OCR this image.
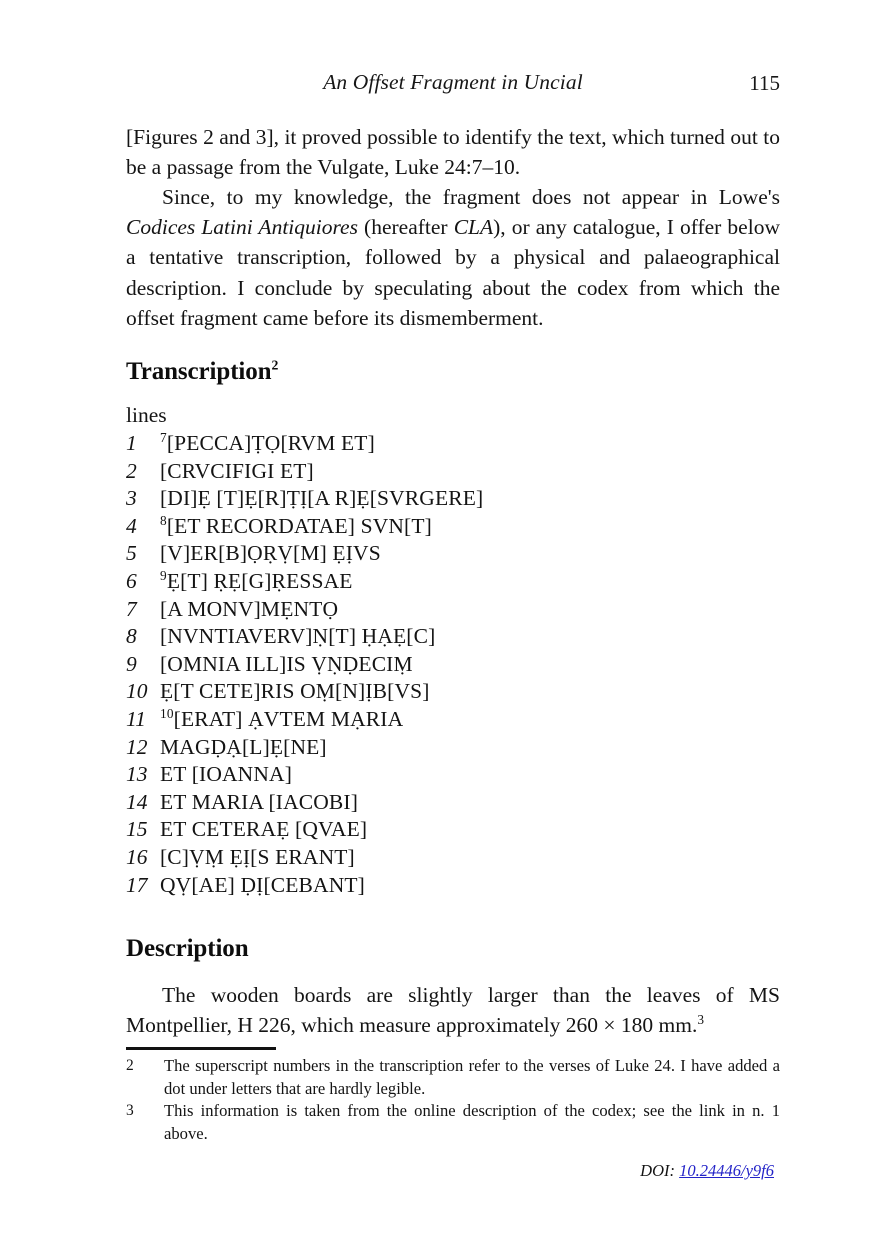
An Offset Fragment in Uncial	115

[Figures 2 and 3], it proved possible to identify the text, which turned out to be a passage from the Vulgate, Luke 24:7–10.

Since, to my knowledge, the fragment does not appear in Lowe's Codices Latini Antiquiores (hereafter CLA), or any catalogue, I offer below a tentative transcription, followed by a physical and palaeographical description. I conclude by speculating about the codex from which the offset fragment came before its dismemberment.

Transcription$^2$
lines
1	$^7$[PECCA]ṬỌ[RVM ET]
2	[CRVCIFIGI ET]
3	[DI]Ẹ [T]Ẹ[R]ṬỊ[A R]Ẹ[SVRGERE]
4	$^8$[ET RECORDATAE] SVN[T]
5	[V]ER[B]ỌṚṾ[M] ẸỊVS
6	$^9$Ẹ[T] ṚẸ[G]ṚESSAE
7	[A MONV]MẸNTỌ
8	[NVNTIAVERV]Ṇ[T] ḤẠẸ[C]
9	[OMNIA ILL]IS ṾṆḌECIṂ
10	Ẹ[T CETE]RIS OṂ[N]ỊB[VS]
11	$^{10}$[ERAT] ẠVTEM MẠRIA
12	MAGḌẠ[L]Ẹ[NE]
13	ET [IOANNA]
14	ET MARIA [IACOBI]
15	ET CETERAẸ [QVAE]
16	[C]ṾṂ ẸỊ[S ERANT]
17	QṾ[AE] ḌỊ[CEBANT]
Description

The wooden boards are slightly larger than the leaves of MS Montpellier, H 226, which measure approximately 260 × 180 mm.$^3$

2	The superscript numbers in the transcription refer to the verses of Luke 24. I have added a dot under letters that are hardly legible.
3	This information is taken from the online description of the codex; see the link in n. 1 above.
DOI: 10.24446/y9f6
